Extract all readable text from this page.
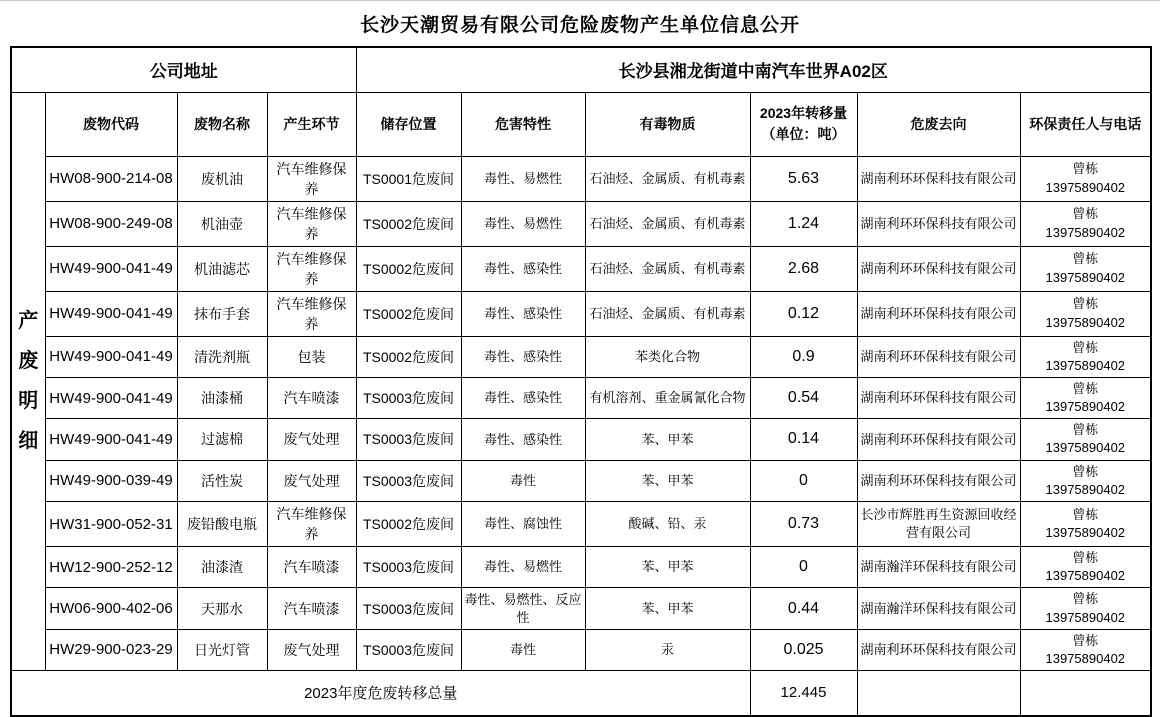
长沙天潮贸易有限公司危险废物产生单位信息公开
公司地址				长沙县湘龙街道中南汽车世界A02区					

产废明细	废物代码	废物名称	产生环节	储存位置	危害特性	有毒物质	2023年转移量
（单位：吨）	危废去向	环保责任人与电话
	HW08-900-214-08	废机油	汽车维修保养	TS0001危废间	毒性、易燃性	石油烃、金属质、有机毒素	5.63	湖南利环环保科技有限公司	曾栋
13975890402

	HW08-900-249-08	机油壶	汽车维修保养	TS0002危废间	毒性、易燃性	石油烃、金属质、有机毒素	1.24	湖南利环环保科技有限公司	曾栋
13975890402

	HW49-900-041-49	机油滤芯	汽车维修保养	TS0002危废间	毒性、感染性	石油烃、金属质、有机毒素	2.68	湖南利环环保科技有限公司	曾栋
13975890402

	HW49-900-041-49	抹布手套	汽车维修保养	TS0002危废间	毒性、感染性	石油烃、金属质、有机毒素	0.12	湖南利环环保科技有限公司	曾栋
13975890402

	HW49-900-041-49	清洗剂瓶	包装	TS0002危废间	毒性、感染性	苯类化合物	0.9	湖南利环环保科技有限公司	曾栋
13975890402

	HW49-900-041-49	油漆桶	汽车喷漆	TS0003危废间	毒性、感染性	有机溶剂、重金属氰化合物	0.54	湖南利环环保科技有限公司	曾栋
13975890402

	HW49-900-041-49	过滤棉	废气处理	TS0003危废间	毒性、感染性	苯、甲苯	0.14	湖南利环环保科技有限公司	曾栋
13975890402

	HW49-900-039-49	活性炭	废气处理	TS0003危废间	毒性	苯、甲苯	0	湖南利环环保科技有限公司	曾栋
13975890402

	HW31-900-052-31	废铅酸电瓶	汽车维修保养	TS0002危废间	毒性、腐蚀性	酸碱、铅、汞	0.73	长沙市辉胜再生资源回收经营有限公司	曾栋
13975890402

	HW12-900-252-12	油漆渣	汽车喷漆	TS0003危废间	毒性、易燃性	苯、甲苯	0	湖南瀚洋环保科技有限公司	曾栋
13975890402

	HW06-900-402-06	天那水	汽车喷漆	TS0003危废间	毒性、易燃性、反应性	苯、甲苯	0.44	湖南瀚洋环保科技有限公司	曾栋
13975890402

	HW29-900-023-29	日光灯管	废气处理	TS0003危废间	毒性	汞	0.025	湖南利环环保科技有限公司	曾栋
13975890402

2023年度危废转移总量							12.445		
